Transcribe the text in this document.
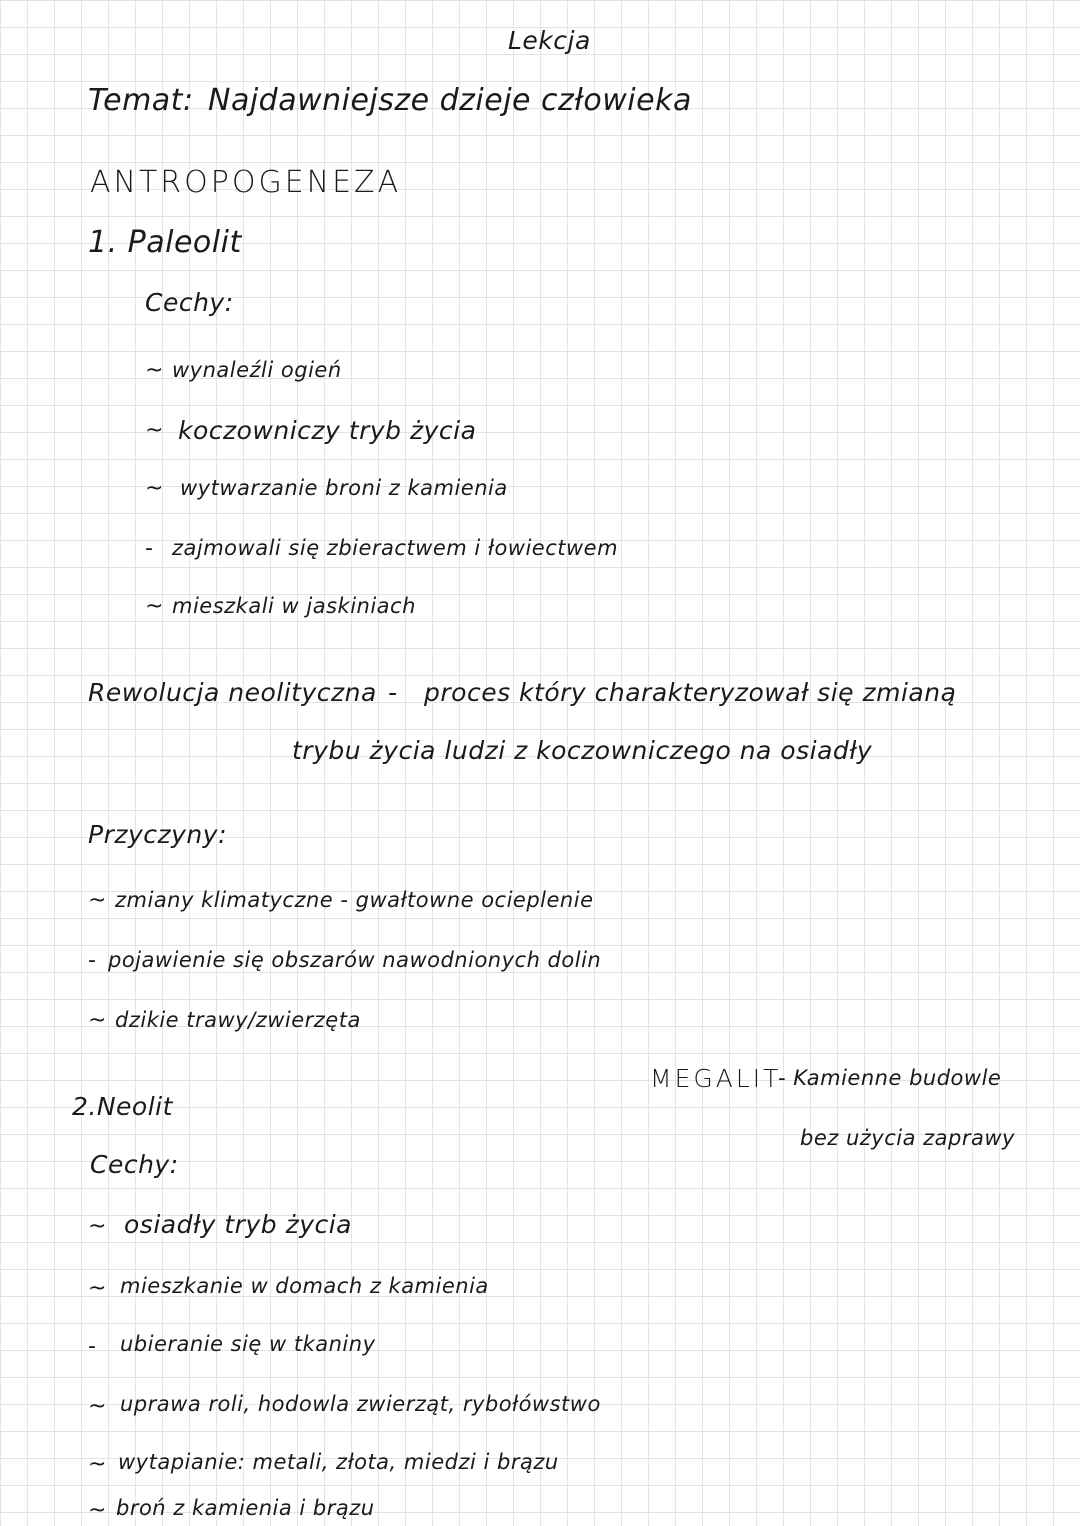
Lekcja
Temat: Najdawniejsze dzieje człowieka
ANTROPOGENEZA
1. Paleolit
Cechy:
~ wynaleźli ogień
~ koczowniczy tryb życia
~ wytwarzanie broni z kamienia
- zajmowali się zbieractwem i łowiectwem
~ mieszkali w jaskiniach
Rewolucja neolityczna - proces który charakteryzował się zmianą
trybu życia ludzi z koczowniczego na osiadły
Przyczyny:
~ zmiany klimatyczne - gwałtowne ocieplenie
- pojawienie się obszarów nawodnionych dolin
~ dzikie trawy/zwierzęta
MEGALIT
- Kamienne budowle
bez użycia zaprawy
2.Neolit
Cechy:
~ osiadły tryb życia
~ mieszkanie w domach z kamienia
- ubieranie się w tkaniny
~ uprawa roli, hodowla zwierząt, rybołówstwo
~ wytapianie: metali, złota, miedzi i brązu
~ broń z kamienia i brązu
